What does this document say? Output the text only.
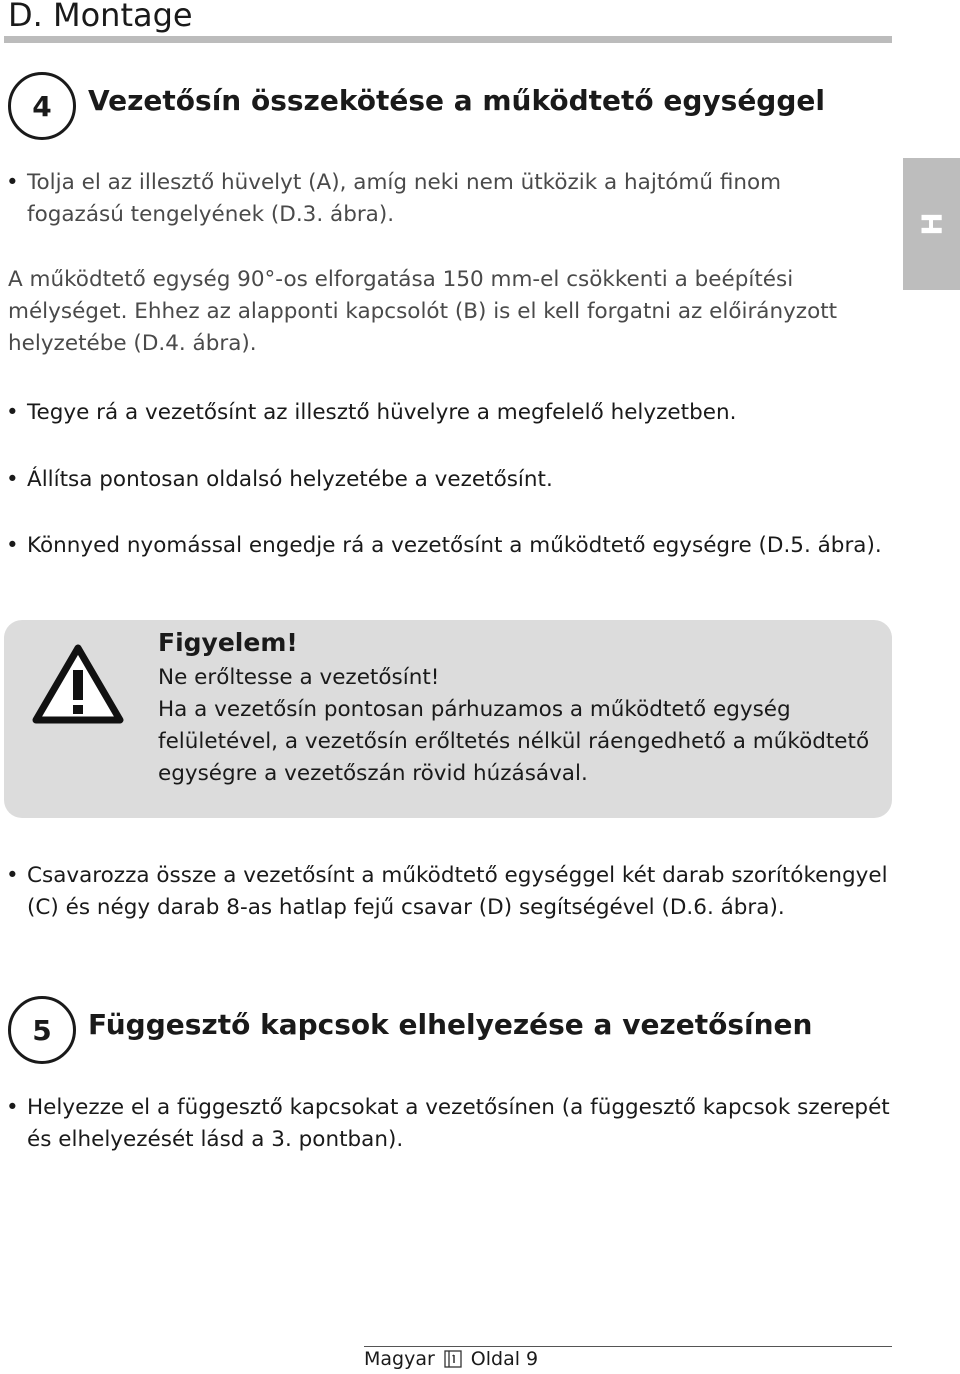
D. Montage
H
4	Vezetősín összekötése a működtető egységgel
• Tolja el az illesztő hüvelyt (A), amíg neki nem ütközik a hajtómű finom
fogazású tengelyének (D.3. ábra).

A működtető egység 90°-os elforgatása 150 mm-el csökkenti a beépítési
mélységet. Ehhez az alapponti kapcsolót (B) is el kell forgatni az előirányzott
helyzetébe (D.4. ábra).

• Tegye rá a vezetősínt az illesztő hüvelyre a megfelelő helyzetben.

• Állítsa pontosan oldalsó helyzetébe a vezetősínt.

• Könnyed nyomással engedje rá a vezetősínt a működtető egységre (D.5. ábra).

Figyelem!

Ne erőltesse a vezetősínt!
Ha a vezetősín pontosan párhuzamos a működtető egység
felületével, a vezetősín erőltetés nélkül ráengedhető a működtető
egységre a vezetőszán rövid húzásával.

• Csavarozza össze a vezetősínt a működtető egységgel két darab szorítókengyel
(C) és négy darab 8-as hatlap fejű csavar (D) segítségével (D.6. ábra).

5	Függesztő kapcsok elhelyezése a vezetősínen
• Helyezze el a függesztő kapcsokat a vezetősínen (a függesztő kapcsok szerepét
és elhelyezését lásd a 3. pontban).

Magyar Oldal 9
